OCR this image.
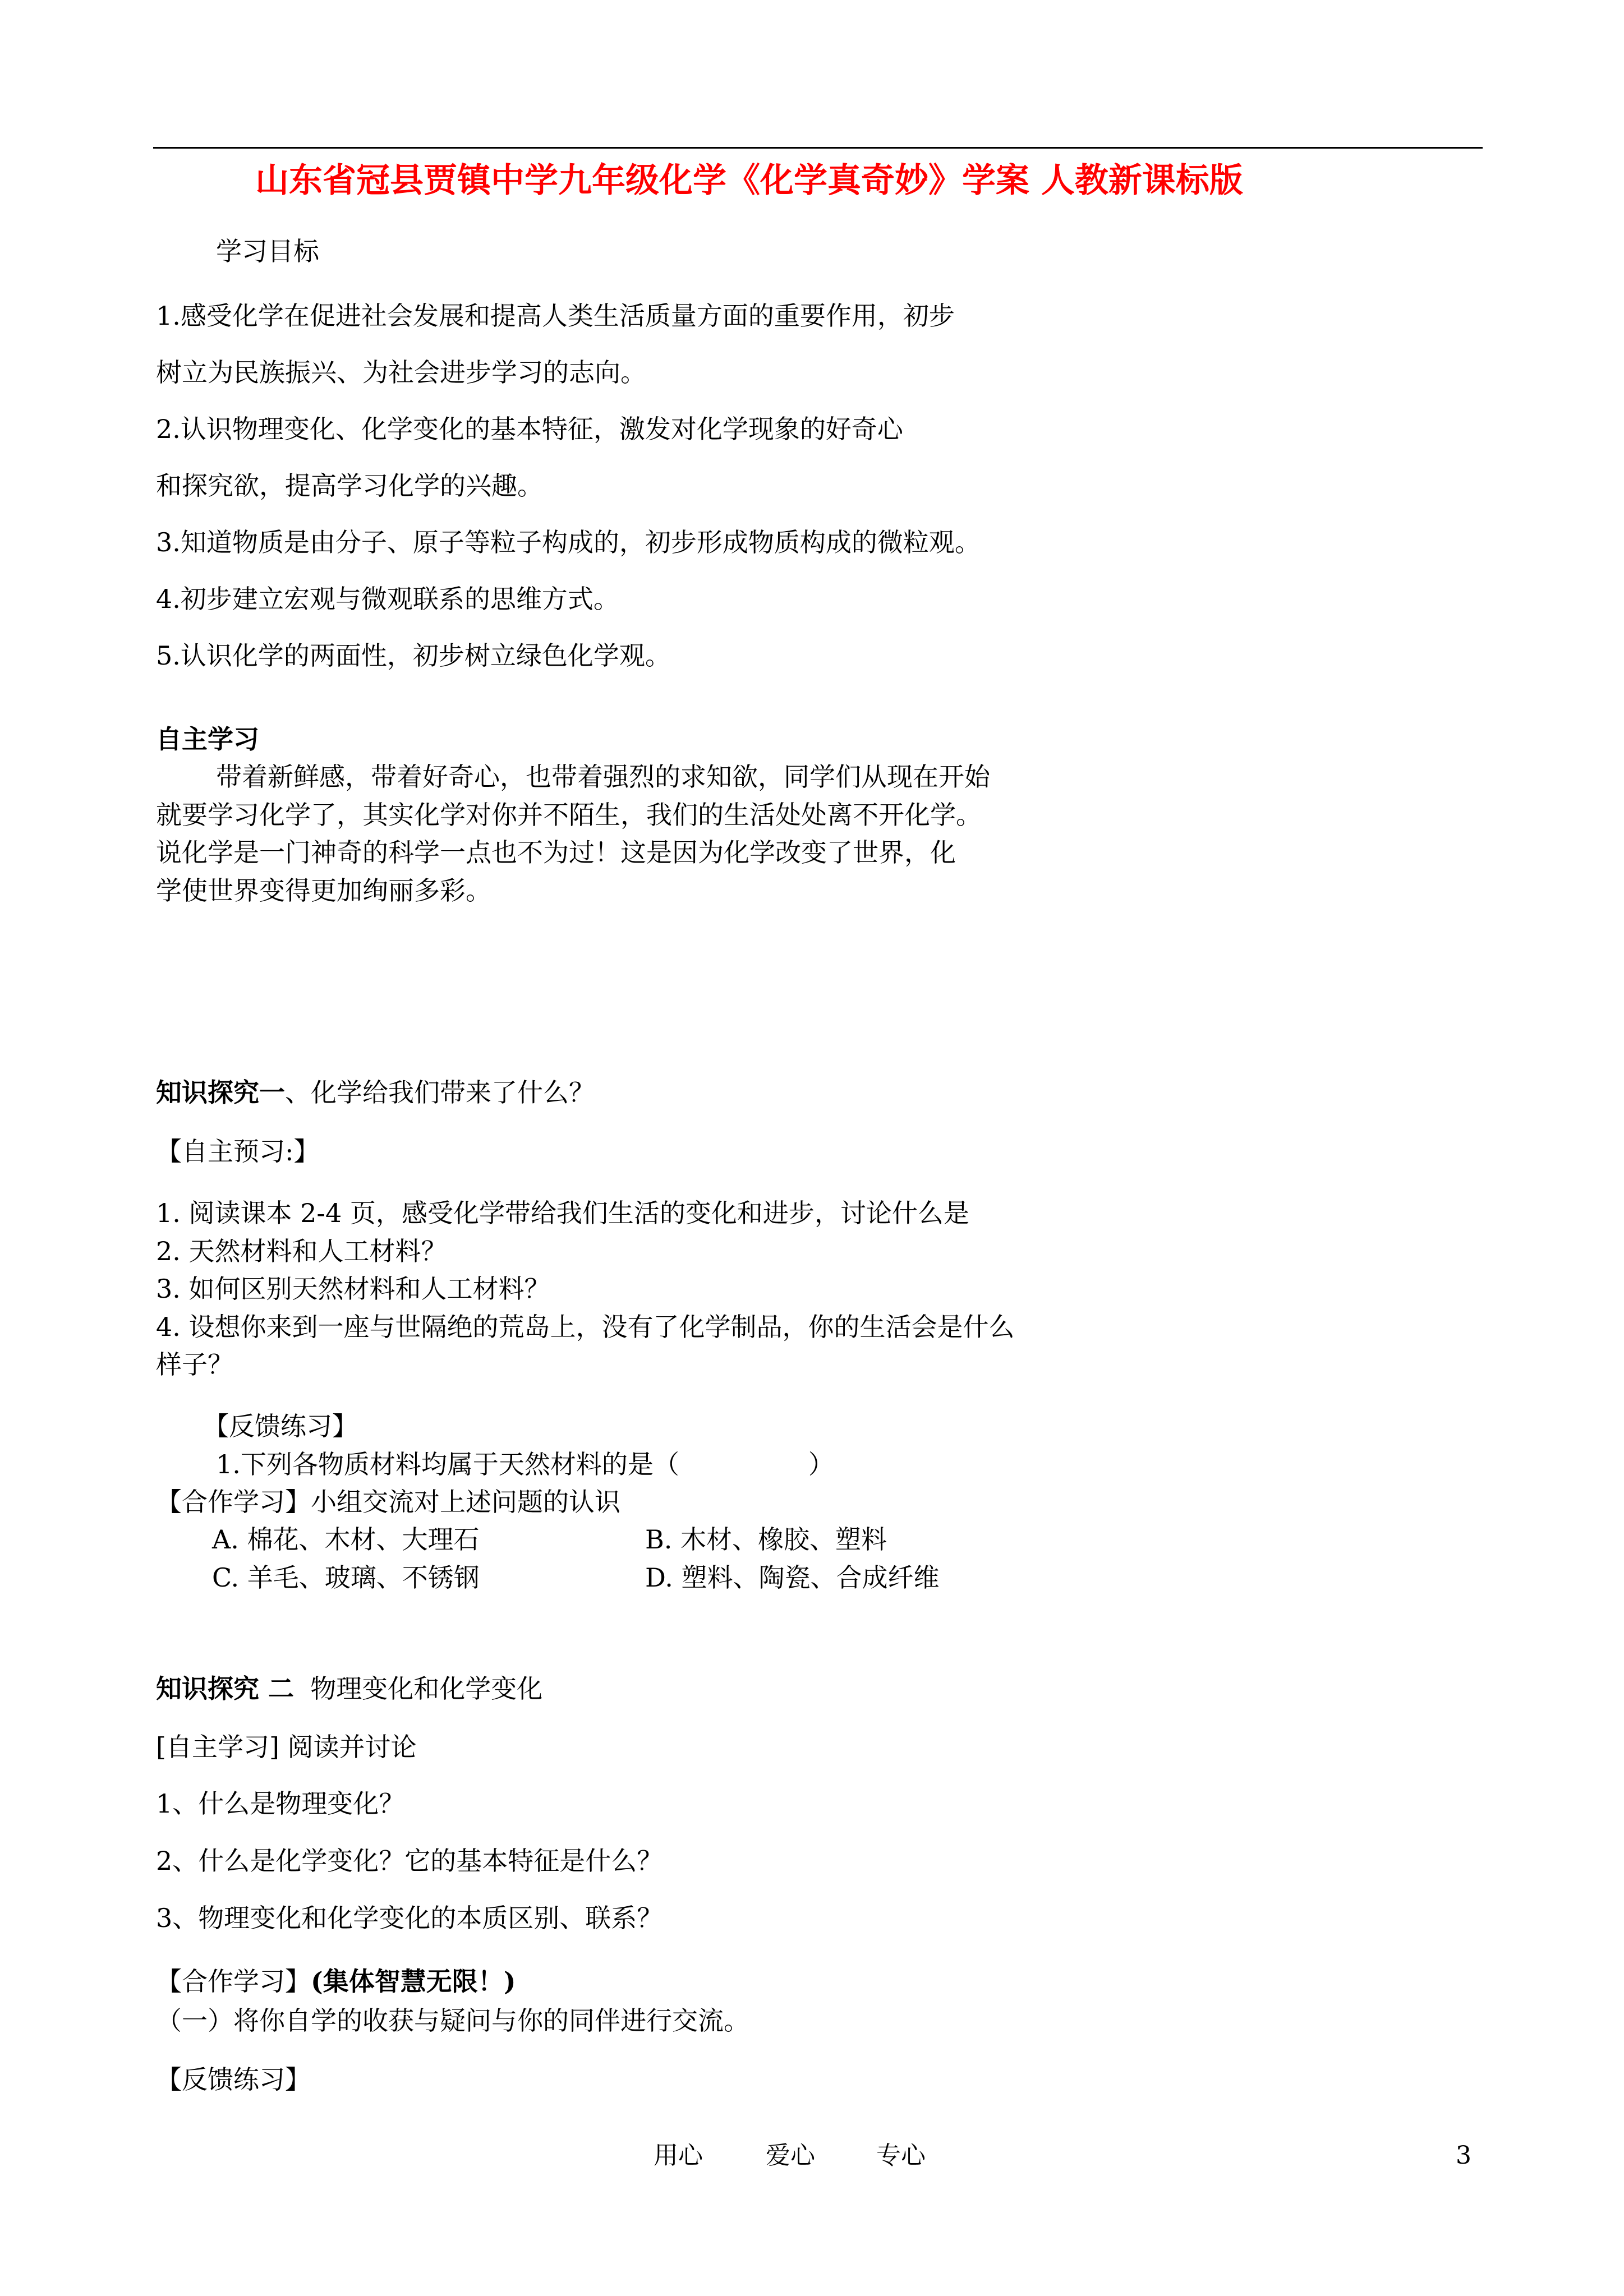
山东省冠县贾镇中学九年级化学《化学真奇妙》学案 人教新课标版
学习目标
1.感受化学在促进社会发展和提高人类生活质量方面的重要作用，初步
树立为民族振兴、为社会进步学习的志向。
2.认识物理变化、化学变化的基本特征，激发对化学现象的好奇心
和探究欲，提高学习化学的兴趣。
3.知道物质是由分子、原子等粒子构成的，初步形成物质构成的微粒观。
4.初步建立宏观与微观联系的思维方式。
5.认识化学的两面性，初步树立绿色化学观。
自主学习
带着新鲜感，带着好奇心，也带着强烈的求知欲，同学们从现在开始
就要学习化学了，其实化学对你并不陌生，我们的生活处处离不开化学。
说化学是一门神奇的科学一点也不为过！这是因为化学改变了世界，化
学使世界变得更加绚丽多彩。
知识探究一、化学给我们带来了什么？
【自主预习:】
1. 阅读课本 2-4 页，感受化学带给我们生活的变化和进步，讨论什么是
2. 天然材料和人工材料？
3. 如何区别天然材料和人工材料？
4. 设想你来到一座与世隔绝的荒岛上，没有了化学制品，你的生活会是什么
样子？
【反馈练习】
1.下列各物质材料均属于天然材料的是（　　　　　）
【合作学习】小组交流对上述问题的认识
A. 棉花、木材、大理石	B. 木材、橡胶、塑料
C. 羊毛、玻璃、不锈钢	D. 塑料、陶瓷、合成纤维
知识探究 二  物理变化和化学变化
[自主学习] 阅读并讨论
1、什么是物理变化？
2、什么是化学变化？它的基本特征是什么？
3、物理变化和化学变化的本质区别、联系？
【合作学习】(集体智慧无限！)
（一）将你自学的收获与疑问与你的同伴进行交流。
【反馈练习】
用心	爱心 专心	3
